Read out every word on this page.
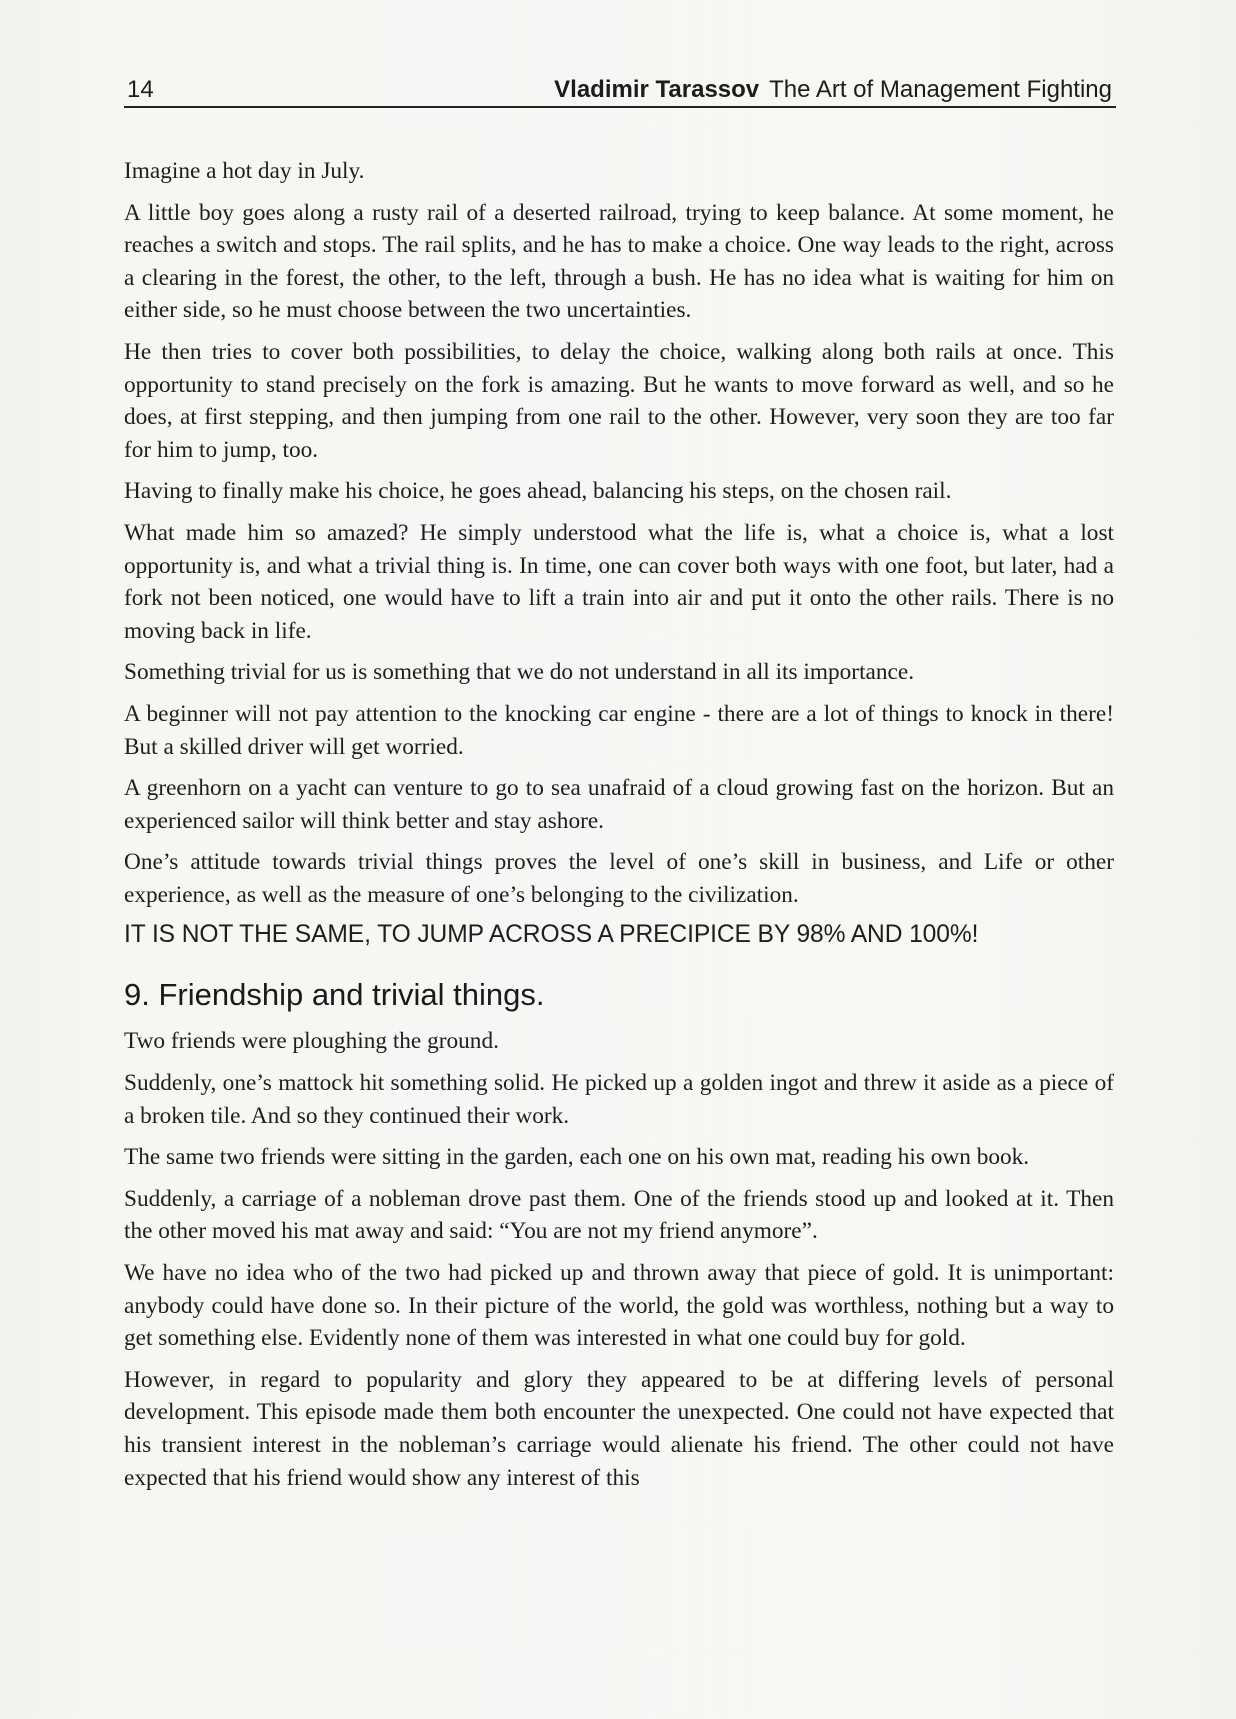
14	Vladimir Tarassov The Art of Management Fighting

Imagine a hot day in July.

A little boy goes along a rusty rail of a deserted railroad, trying to keep balance. At some moment, he reaches a switch and stops. The rail splits, and he has to make a choice. One way leads to the right, across a clearing in the forest, the other, to the left, through a bush. He has no idea what is waiting for him on either side, so he must choose between the two uncertainties.

He then tries to cover both possibilities, to delay the choice, walking along both rails at once. This opportunity to stand precisely on the fork is amazing. But he wants to move forward as well, and so he does, at first stepping, and then jumping from one rail to the other. However, very soon they are too far for him to jump, too.

Having to finally make his choice, he goes ahead, balancing his steps, on the chosen rail.

What made him so amazed? He simply understood what the life is, what a choice is, what a lost opportunity is, and what a trivial thing is. In time, one can cover both ways with one foot, but later, had a fork not been noticed, one would have to lift a train into air and put it onto the other rails. There is no moving back in life.

Something trivial for us is something that we do not understand in all its importance.

A beginner will not pay attention to the knocking car engine - there are a lot of things to knock in there! But a skilled driver will get worried.

A greenhorn on a yacht can venture to go to sea unafraid of a cloud growing fast on the horizon. But an experienced sailor will think better and stay ashore.

One’s attitude towards trivial things proves the level of one’s skill in business, and Life or other experience, as well as the measure of one’s belonging to the civilization.

IT IS NOT THE SAME, TO JUMP ACROSS A PRECIPICE BY 98% AND 100%!

9. Friendship and trivial things.

Two friends were ploughing the ground.

Suddenly, one’s mattock hit something solid. He picked up a golden ingot and threw it aside as a piece of a broken tile. And so they continued their work.

The same two friends were sitting in the garden, each one on his own mat, reading his own book.

Suddenly, a carriage of a nobleman drove past them. One of the friends stood up and looked at it. Then the other moved his mat away and said: “You are not my friend anymore”.

We have no idea who of the two had picked up and thrown away that piece of gold. It is unimportant: anybody could have done so. In their picture of the world, the gold was worthless, nothing but a way to get something else. Evidently none of them was interested in what one could buy for gold.

However, in regard to popularity and glory they appeared to be at differing levels of personal development. This episode made them both encounter the unexpected. One could not have expected that his transient interest in the nobleman’s carriage would alienate his friend. The other could not have expected that his friend would show any interest of this
